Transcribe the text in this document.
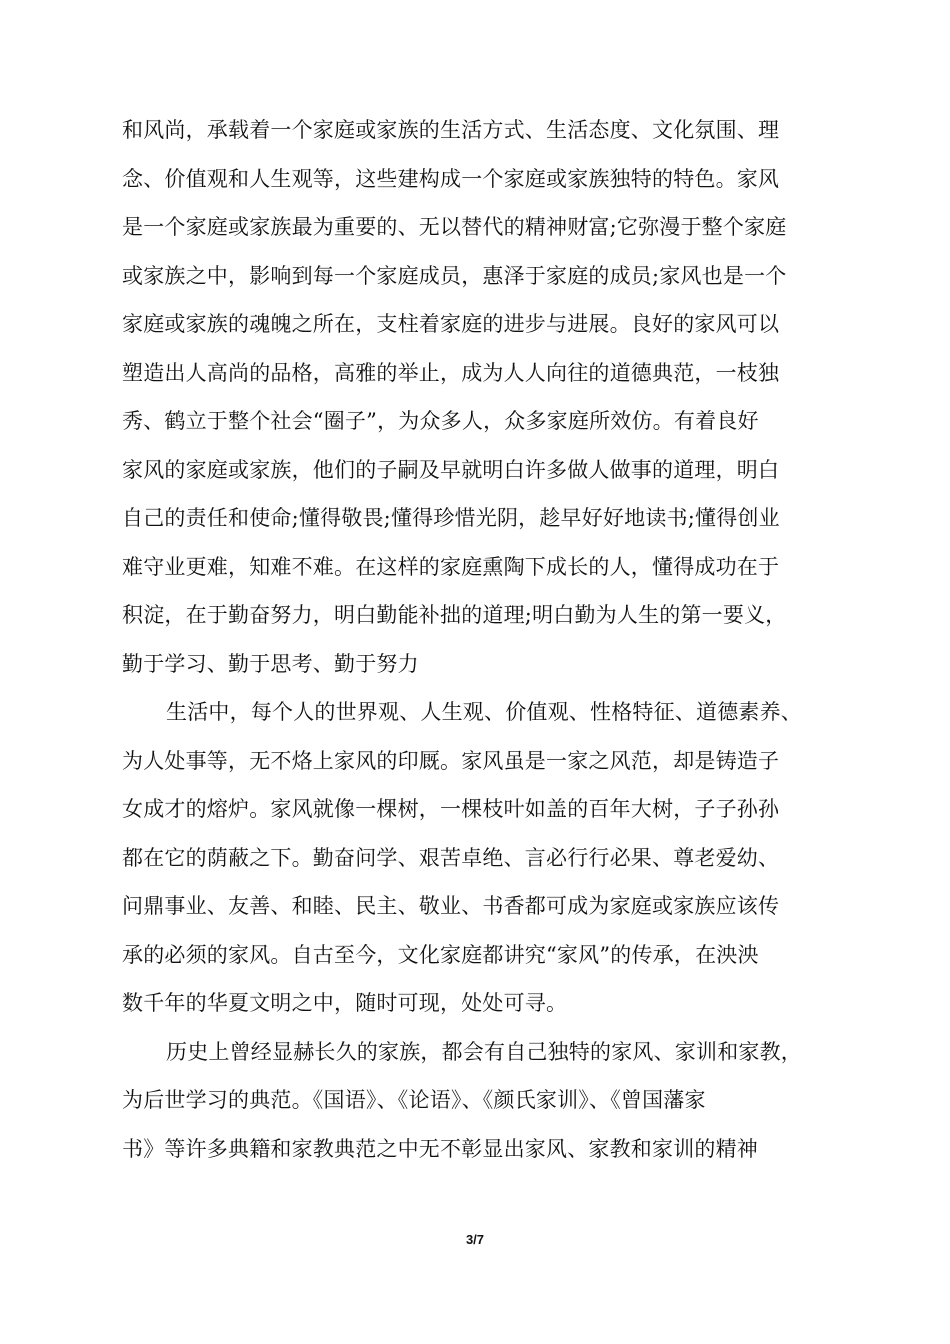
和风尚，承载着一个家庭或家族的生活方式、生活态度、文化氛围、理
念、价值观和人生观等，这些建构成一个家庭或家族独特的特色。家风
是一个家庭或家族最为重要的、无以替代的精神财富;它弥漫于整个家庭
或家族之中，影响到每一个家庭成员，惠泽于家庭的成员;家风也是一个
家庭或家族的魂魄之所在，支柱着家庭的进步与进展。良好的家风可以
塑造出人高尚的品格，高雅的举止，成为人人向往的道德典范，一枝独
秀、鹤立于整个社会“圈子”，为众多人，众多家庭所效仿。有着良好
家风的家庭或家族，他们的子嗣及早就明白许多做人做事的道理，明白
自己的责任和使命;懂得敬畏;懂得珍惜光阴，趁早好好地读书;懂得创业
难守业更难，知难不难。在这样的家庭熏陶下成长的人，懂得成功在于
积淀，在于勤奋努力，明白勤能补拙的道理;明白勤为人生的第一要义，
勤于学习、勤于思考、勤于努力
生活中，每个人的世界观、人生观、价值观、性格特征、道德素养、
为人处事等，无不烙上家风的印厩。家风虽是一家之风范，却是铸造子
女成才的熔炉。家风就像一棵树，一棵枝叶如盖的百年大树，子子孙孙
都在它的荫蔽之下。勤奋问学、艰苦卓绝、言必行行必果、尊老爱幼、
问鼎事业、友善、和睦、民主、敬业、书香都可成为家庭或家族应该传
承的必须的家风。自古至今，文化家庭都讲究“家风”的传承，在泱泱
数千年的华夏文明之中，随时可现，处处可寻。
历史上曾经显赫长久的家族，都会有自己独特的家风、家训和家教，
为后世学习的典范。《国语》、《论语》、《颜氏家训》、《曾国藩家
书》等许多典籍和家教典范之中无不彰显出家风、家教和家训的精神
3/7
